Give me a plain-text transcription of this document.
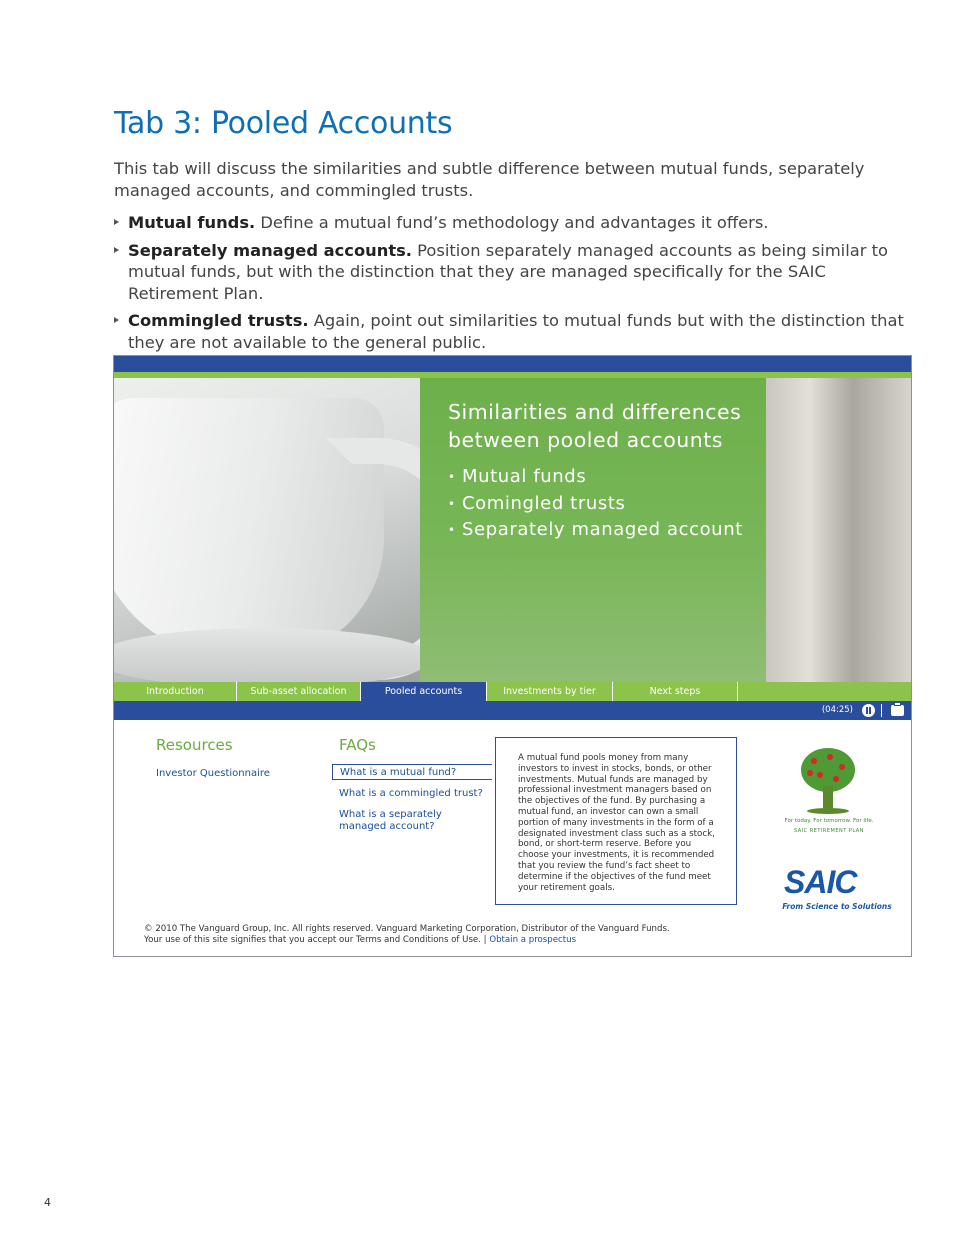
Tab 3: Pooled Accounts

This tab will discuss the similarities and subtle difference between mutual funds, separately managed accounts, and commingled trusts.

Mutual funds. Define a mutual fund’s methodology and advantages it offers.
Separately managed accounts. Position separately managed accounts as being similar to mutual funds, but with the distinction that they are managed specifically for the SAIC Retirement Plan.
Commingled trusts. Again, point out similarities to mutual funds but with the distinction that they are not available to the general public.
Similarities and differences between pooled accounts
• Mutual funds
• Comingled trusts
• Separately managed account
Introduction	Sub-asset allocation	Pooled accounts	Investments by tier	Next steps
(04:25)
Resources
Investor Questionnaire
FAQs
What is a mutual fund?
What is a commingled trust?
What is a separately managed account?

A mutual fund pools money from many investors to invest in stocks, bonds, or other investments. Mutual funds are managed by professional investment managers based on the objectives of the fund. By purchasing a mutual fund, an investor can own a small portion of many investments in the form of a designated investment class such as a stock, bond, or short-term reserve. Before you choose your investments, it is recommended that you review the fund’s fact sheet to determine if the objectives of the fund meet your retirement goals.

For today. For tomorrow. For life.
SAIC RETIREMENT PLAN
SAIC
From Science to Solutions
© 2010 The Vanguard Group, Inc. All rights reserved. Vanguard Marketing Corporation, Distributor of the Vanguard Funds.
Your use of this site signifies that you accept our Terms and Conditions of Use. | Obtain a prospectus
4
